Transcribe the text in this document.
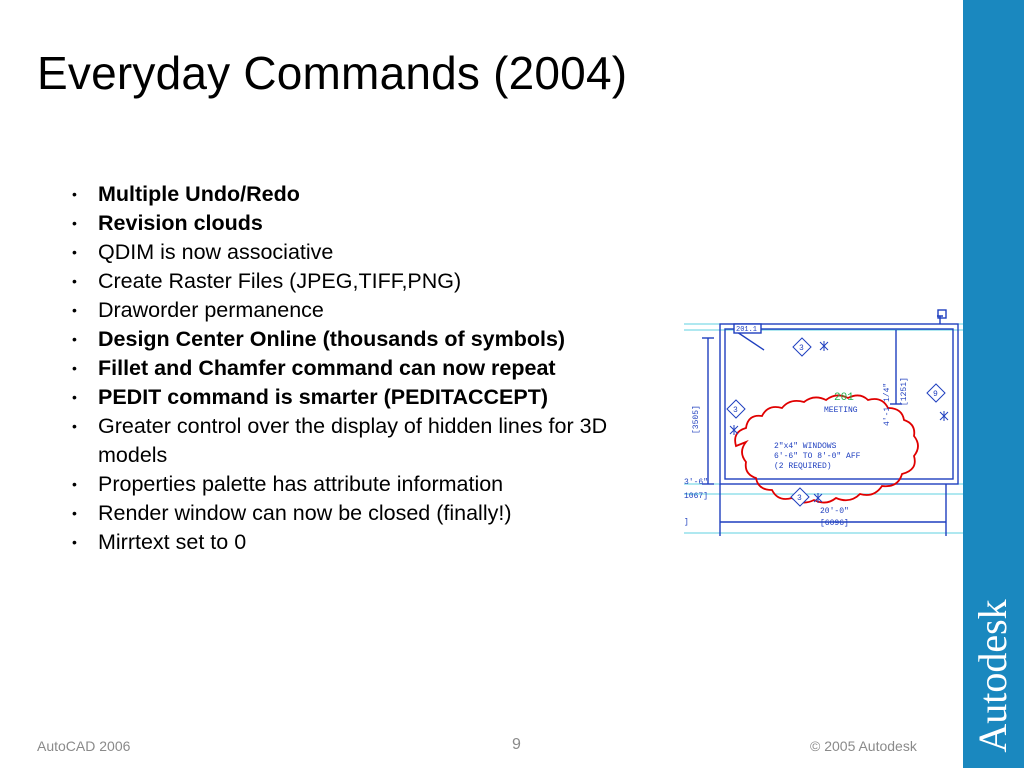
Everyday Commands (2004)
• Multiple Undo/Redo
• Revision clouds
• QDIM is now associative
• Create Raster Files (JPEG,TIFF,PNG)
• Draworder permanence
• Design Center Online (thousands of symbols)
• Fillet and Chamfer command can now repeat
• PEDIT command is smarter (PEDITACCEPT)
• Greater control over the display of hidden lines for 3D models
• Properties palette has attribute information
• Render window can now be closed (finally!)
• Mirrtext set to 0
201
MEETING
201.1
2"x4" WINDOWS
6'-6" TO 8'-0" AFF
(2 REQUIRED)
4'-1 1/4" [1251]
[3505]
20'-0"
[6096]
3'-6"
1067]
]
3
3
3
9
Autodesk
AutoCAD 2006	9	© 2005 Autodesk
